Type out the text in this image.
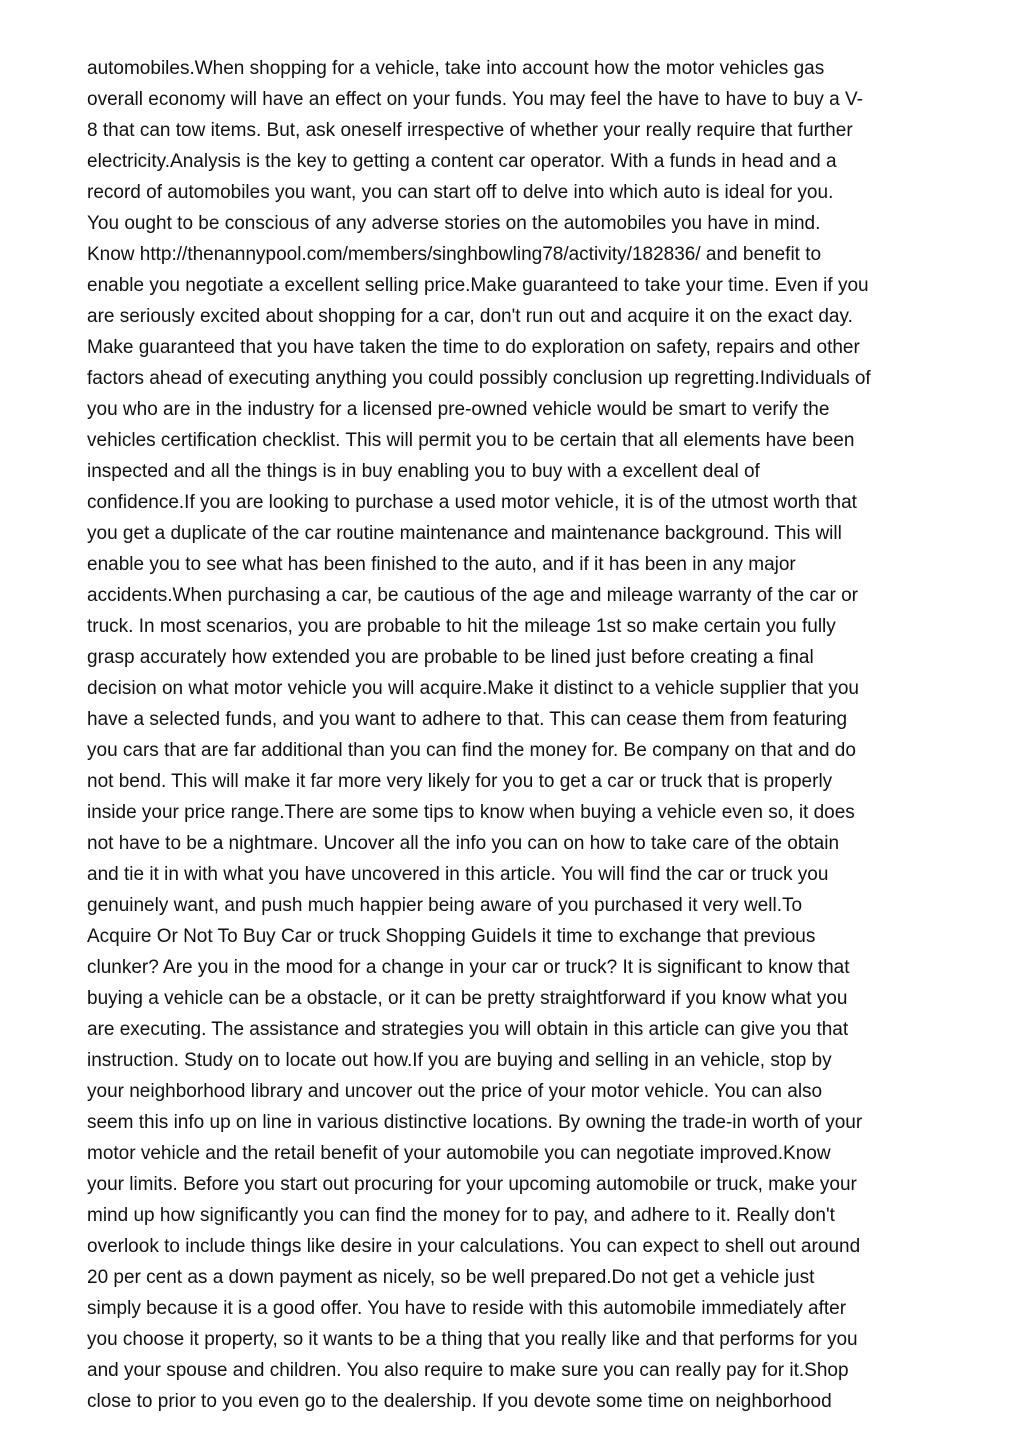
automobiles.When shopping for a vehicle, take into account how the motor vehicles gas
overall economy will have an effect on your funds. You may feel the have to have to buy a V-
8 that can tow items. But, ask oneself irrespective of whether your really require that further
electricity.Analysis is the key to getting a content car operator. With a funds in head and a
record of automobiles you want, you can start off to delve into which auto is ideal for you.
You ought to be conscious of any adverse stories on the automobiles you have in mind.
Know http://thenannypool.com/members/singhbowling78/activity/182836/ and benefit to
enable you negotiate a excellent selling price.Make guaranteed to take your time. Even if you
are seriously excited about shopping for a car, don't run out and acquire it on the exact day.
Make guaranteed that you have taken the time to do exploration on safety, repairs and other
factors ahead of executing anything you could possibly conclusion up regretting.Individuals of
you who are in the industry for a licensed pre-owned vehicle would be smart to verify the
vehicles certification checklist. This will permit you to be certain that all elements have been
inspected and all the things is in buy enabling you to buy with a excellent deal of
confidence.If you are looking to purchase a used motor vehicle, it is of the utmost worth that
you get a duplicate of the car routine maintenance and maintenance background. This will
enable you to see what has been finished to the auto, and if it has been in any major
accidents.When purchasing a car, be cautious of the age and mileage warranty of the car or
truck. In most scenarios, you are probable to hit the mileage 1st so make certain you fully
grasp accurately how extended you are probable to be lined just before creating a final
decision on what motor vehicle you will acquire.Make it distinct to a vehicle supplier that you
have a selected funds, and you want to adhere to that. This can cease them from featuring
you cars that are far additional than you can find the money for. Be company on that and do
not bend. This will make it far more very likely for you to get a car or truck that is properly
inside your price range.There are some tips to know when buying a vehicle even so, it does
not have to be a nightmare. Uncover all the info you can on how to take care of the obtain
and tie it in with what you have uncovered in this article. You will find the car or truck you
genuinely want, and push much happier being aware of you purchased it very well.To
Acquire Or Not To Buy Car or truck Shopping GuideIs it time to exchange that previous
clunker? Are you in the mood for a change in your car or truck? It is significant to know that
buying a vehicle can be a obstacle, or it can be pretty straightforward if you know what you
are executing. The assistance and strategies you will obtain in this article can give you that
instruction. Study on to locate out how.If you are buying and selling in an vehicle, stop by
your neighborhood library and uncover out the price of your motor vehicle. You can also
seem this info up on line in various distinctive locations. By owning the trade-in worth of your
motor vehicle and the retail benefit of your automobile you can negotiate improved.Know
your limits. Before you start out procuring for your upcoming automobile or truck, make your
mind up how significantly you can find the money for to pay, and adhere to it. Really don't
overlook to include things like desire in your calculations. You can expect to shell out around
20 per cent as a down payment as nicely, so be well prepared.Do not get a vehicle just
simply because it is a good offer. You have to reside with this automobile immediately after
you choose it property, so it wants to be a thing that you really like and that performs for you
and your spouse and children. You also require to make sure you can really pay for it.Shop
close to prior to you even go to the dealership. If you devote some time on neighborhood
